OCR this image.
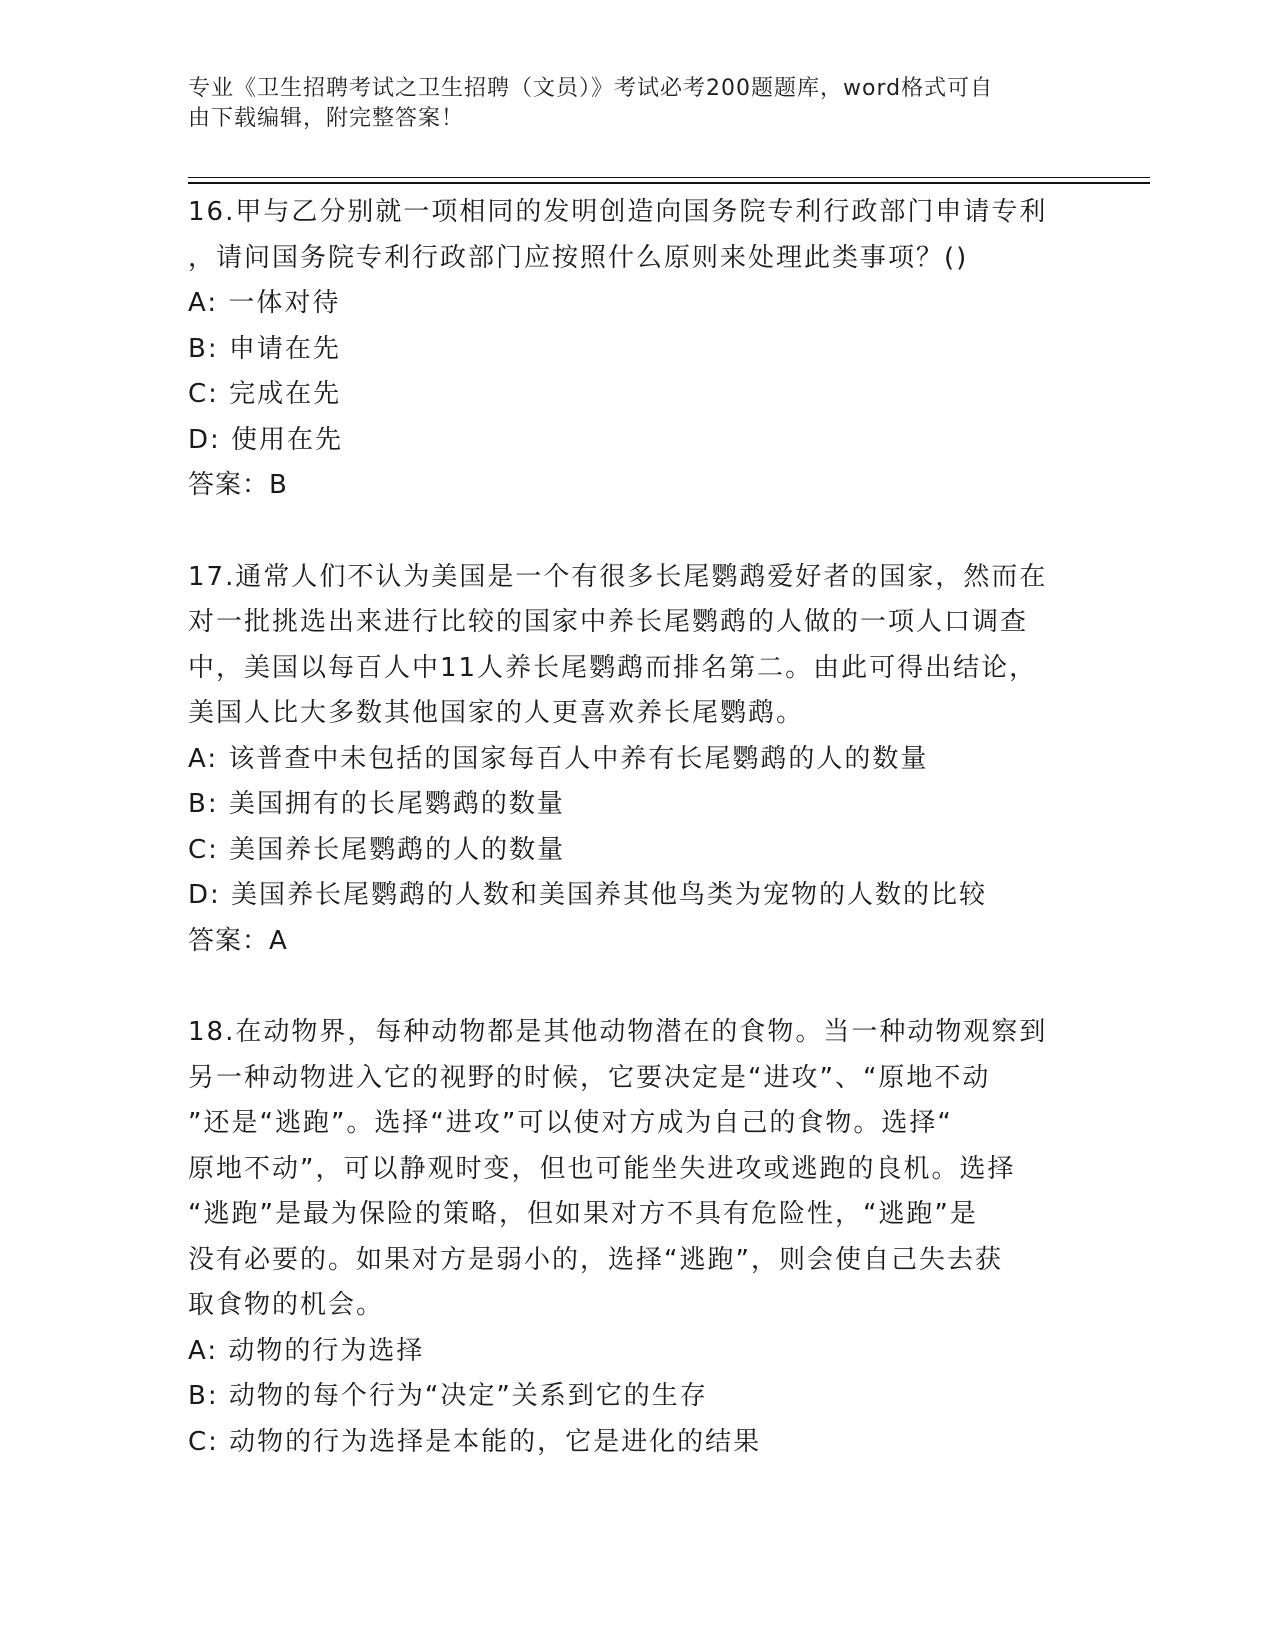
专业《卫生招聘考试之卫生招聘（文员）》考试必考200题题库，word格式可自
由下载编辑，附完整答案！
16.甲与乙分别就一项相同的发明创造向国务院专利行政部门申请专利
，请问国务院专利行政部门应按照什么原则来处理此类事项？()
A: 一体对待
B: 申请在先
C: 完成在先
D: 使用在先
答案：B
17.通常人们不认为美国是一个有很多长尾鹦鹉爱好者的国家，然而在
对一批挑选出来进行比较的国家中养长尾鹦鹉的人做的一项人口调查
中，美国以每百人中11人养长尾鹦鹉而排名第二。由此可得出结论，
美国人比大多数其他国家的人更喜欢养长尾鹦鹉。
A: 该普查中未包括的国家每百人中养有长尾鹦鹉的人的数量
B: 美国拥有的长尾鹦鹉的数量
C: 美国养长尾鹦鹉的人的数量
D: 美国养长尾鹦鹉的人数和美国养其他鸟类为宠物的人数的比较
答案：A
18.在动物界，每种动物都是其他动物潜在的食物。当一种动物观察到
另一种动物进入它的视野的时候，它要决定是“进攻”、“原地不动
”还是“逃跑”。选择“进攻”可以使对方成为自己的食物。选择“
原地不动”，可以静观时变，但也可能坐失进攻或逃跑的良机。选择
“逃跑”是最为保险的策略，但如果对方不具有危险性，“逃跑”是
没有必要的。如果对方是弱小的，选择“逃跑”，则会使自己失去获
取食物的机会。
A: 动物的行为选择
B: 动物的每个行为“决定”关系到它的生存
C: 动物的行为选择是本能的，它是进化的结果
